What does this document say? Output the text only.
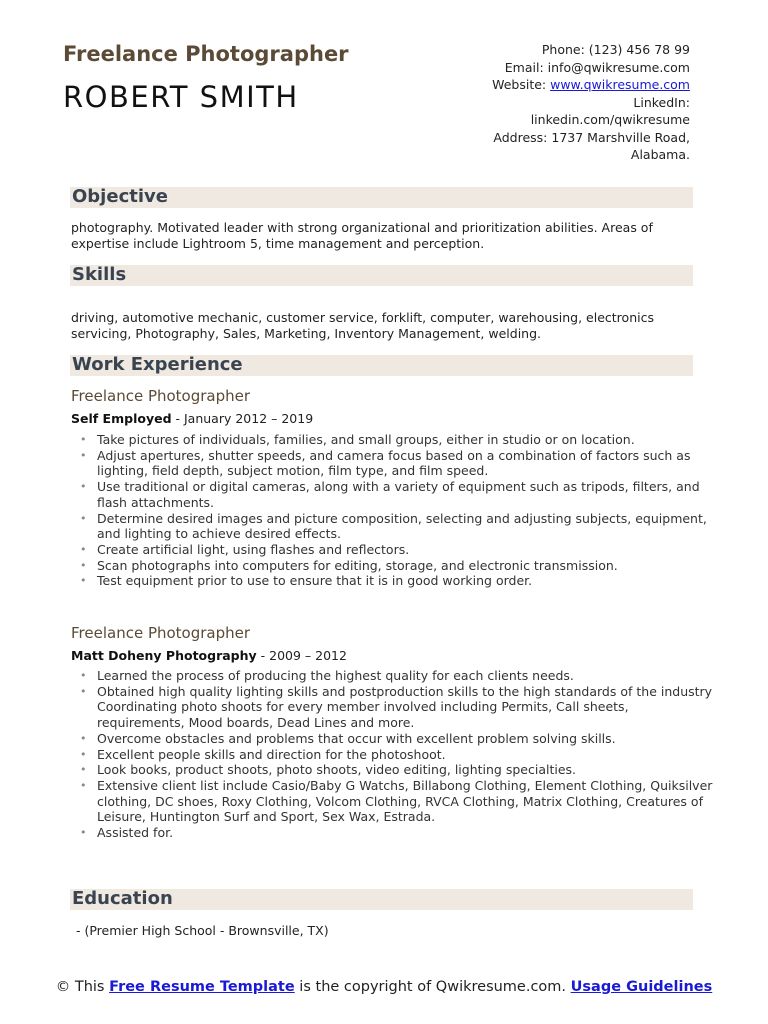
Freelance Photographer
ROBERT SMITH
Phone: (123) 456 78 99
Email: info@qwikresume.com
Website: www.qwikresume.com
LinkedIn:
linkedin.com/qwikresume
Address: 1737 Marshville Road,
Alabama.
Objective
photography. Motivated leader with strong organizational and prioritization abilities. Areas of expertise include Lightroom 5, time management and perception.
Skills
driving, automotive mechanic, customer service, forklift, computer, warehousing, electronics servicing, Photography, Sales, Marketing, Inventory Management, welding.
Work Experience
Freelance Photographer
Self Employed - January 2012 – 2019
• Take pictures of individuals, families, and small groups, either in studio or on location.
• Adjust apertures, shutter speeds, and camera focus based on a combination of factors such as lighting, field depth, subject motion, film type, and film speed.
• Use traditional or digital cameras, along with a variety of equipment such as tripods, filters, and flash attachments.
• Determine desired images and picture composition, selecting and adjusting subjects, equipment, and lighting to achieve desired effects.
• Create artificial light, using flashes and reflectors.
• Scan photographs into computers for editing, storage, and electronic transmission.
• Test equipment prior to use to ensure that it is in good working order.
Freelance Photographer
Matt Doheny Photography - 2009 – 2012
• Learned the process of producing the highest quality for each clients needs.
• Obtained high quality lighting skills and postproduction skills to the high standards of the industry Coordinating photo shoots for every member involved including Permits, Call sheets, requirements, Mood boards, Dead Lines and more.
• Overcome obstacles and problems that occur with excellent problem solving skills.
• Excellent people skills and direction for the photoshoot.
• Look books, product shoots, photo shoots, video editing, lighting specialties.
• Extensive client list include Casio/Baby G Watchs, Billabong Clothing, Element Clothing, Quiksilver clothing, DC shoes, Roxy Clothing, Volcom Clothing, RVCA Clothing, Matrix Clothing, Creatures of Leisure, Huntington Surf and Sport, Sex Wax, Estrada.
• Assisted for.
Education
- (Premier High School - Brownsville, TX)
© This Free Resume Template is the copyright of Qwikresume.com. Usage Guidelines
